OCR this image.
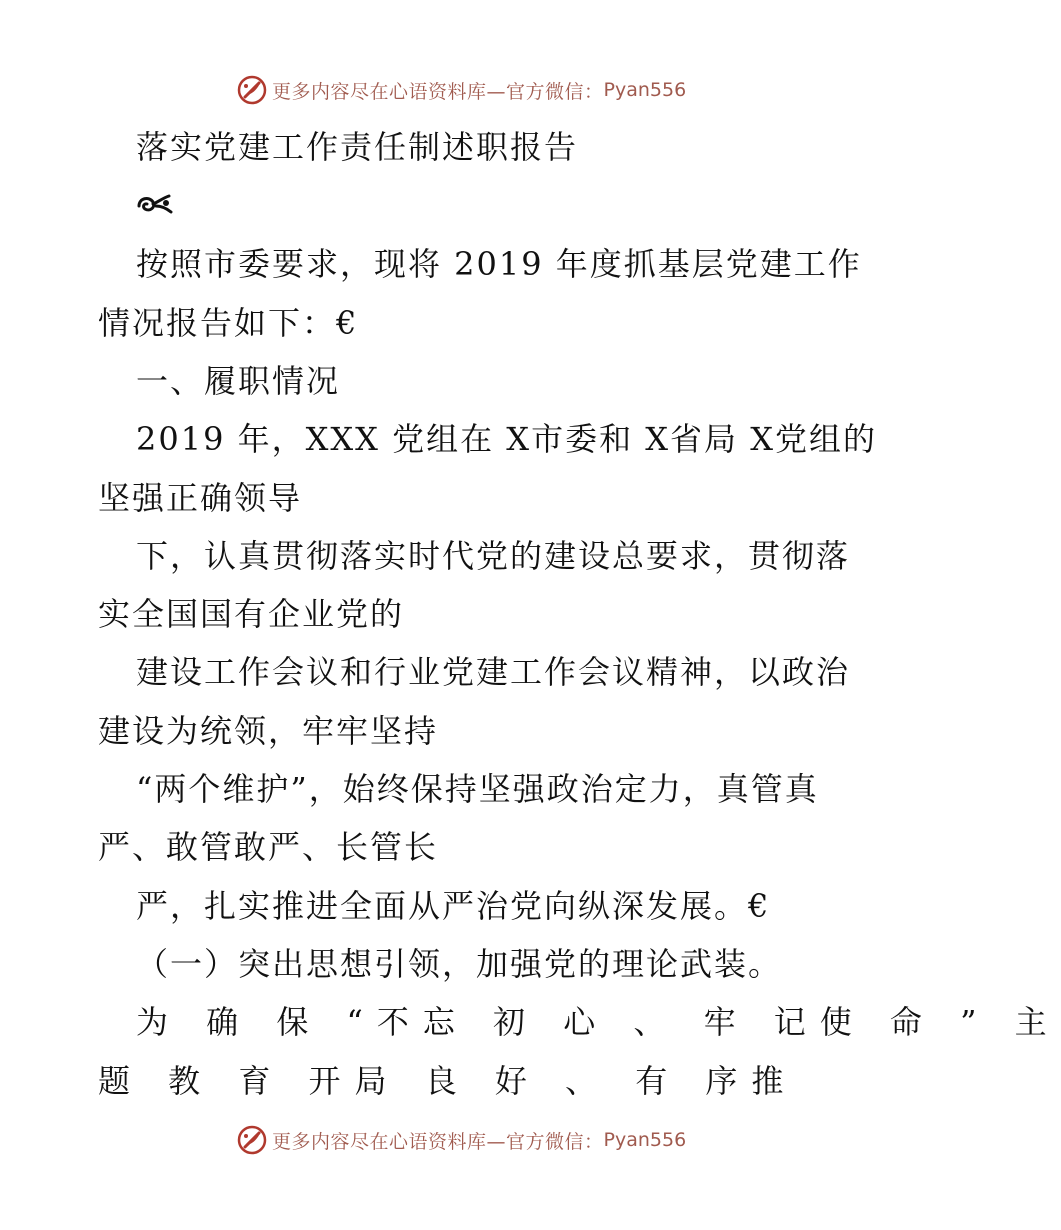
更多内容尽在心语资料库—官方微信： Pyan556
落实党建工作责任制述职报告
按照市委要求，现将 2019 年度抓基层党建工作
情况报告如下：€
一、履职情况
2019 年，XXX 党组在 X市委和 X省局 X党组的
坚强正确领导
下，认真贯彻落实时代党的建设总要求，贯彻落
实全国国有企业党的
建设工作会议和行业党建工作会议精神，以政治
建设为统领，牢牢坚持
“两个维护”，始终保持坚强政治定力，真管真
严、敢管敢严、长管长
严，扎实推进全面从严治党向纵深发展。€
（一）突出思想引领，加强党的理论武装。
为 确 保 “不忘 初 心 、 牢 记使 命 ” 主
题 教 育 开局 良 好 、 有 序推
更多内容尽在心语资料库—官方微信： Pyan556
